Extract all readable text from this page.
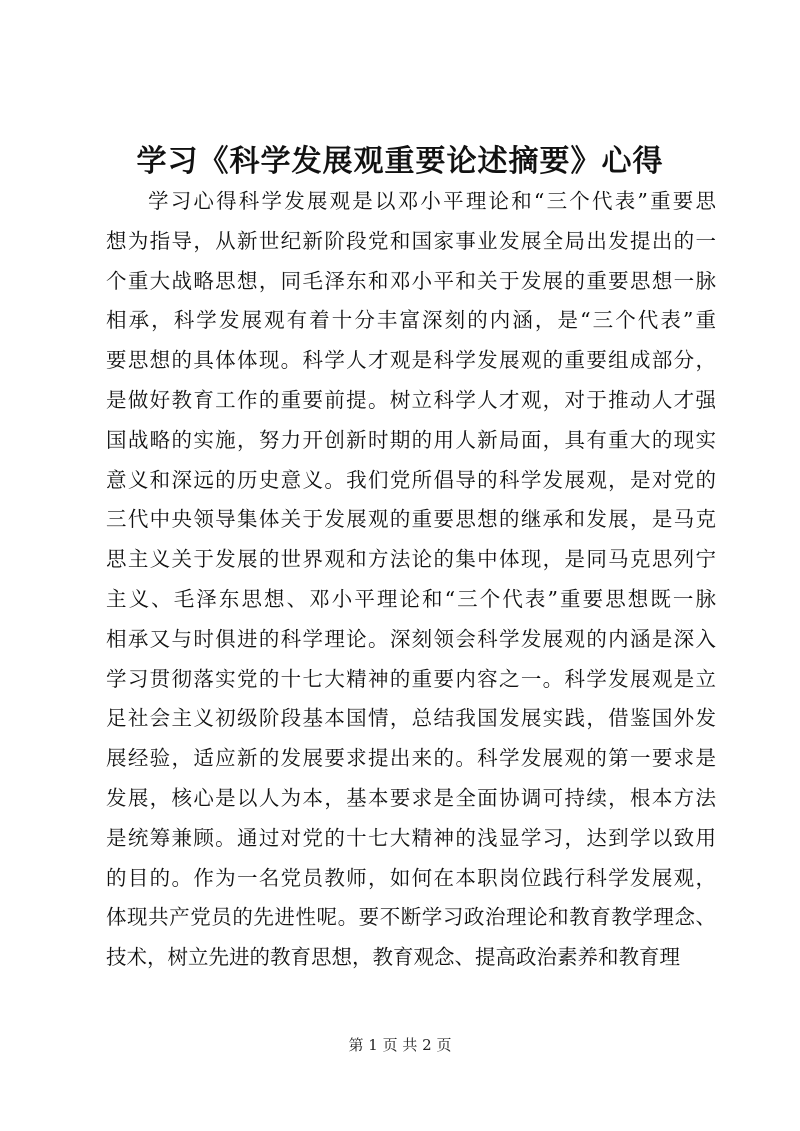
学习《科学发展观重要论述摘要》心得
学习心得科学发展观是以邓小平理论和“三个代表”重要思
想为指导，从新世纪新阶段党和国家事业发展全局出发提出的一
个重大战略思想，同毛泽东和邓小平和关于发展的重要思想一脉
相承，科学发展观有着十分丰富深刻的内涵，是“三个代表”重
要思想的具体体现。科学人才观是科学发展观的重要组成部分，
是做好教育工作的重要前提。树立科学人才观，对于推动人才强
国战略的实施，努力开创新时期的用人新局面，具有重大的现实
意义和深远的历史意义。我们党所倡导的科学发展观，是对党的
三代中央领导集体关于发展观的重要思想的继承和发展，是马克
思主义关于发展的世界观和方法论的集中体现，是同马克思列宁
主义、毛泽东思想、邓小平理论和“三个代表”重要思想既一脉
相承又与时俱进的科学理论。深刻领会科学发展观的内涵是深入
学习贯彻落实党的十七大精神的重要内容之一。科学发展观是立
足社会主义初级阶段基本国情，总结我国发展实践，借鉴国外发
展经验，适应新的发展要求提出来的。科学发展观的第一要求是
发展，核心是以人为本，基本要求是全面协调可持续，根本方法
是统筹兼顾。通过对党的十七大精神的浅显学习，达到学以致用
的目的。作为一名党员教师，如何在本职岗位践行科学发展观，
体现共产党员的先进性呢。要不断学习政治理论和教育教学理念、
技术，树立先进的教育思想，教育观念、提高政治素养和教育理
第 1 页 共 2 页
